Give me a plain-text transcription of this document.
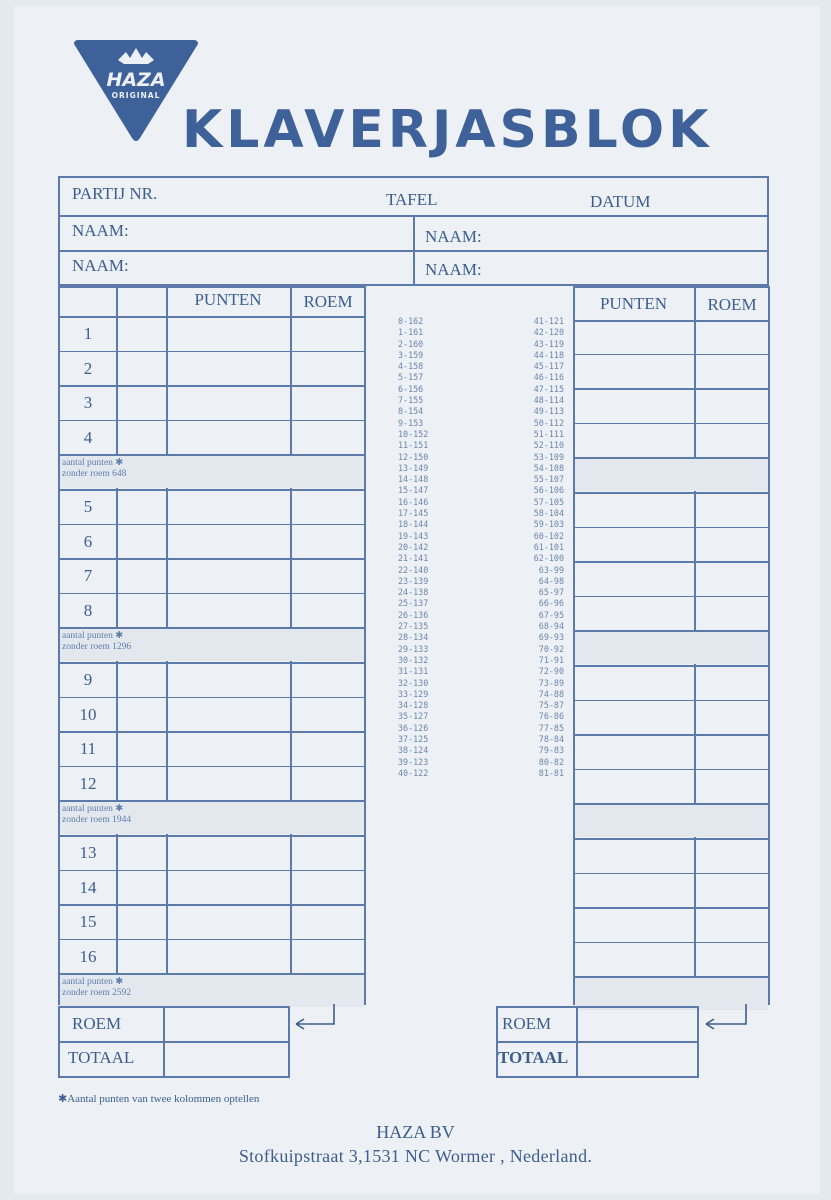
HAZA
ORIGINAL
KLAVERJASBLOK
PARTIJ NR.	TAFEL	DATUM
NAAM:	NAAM:
NAAM:	NAAM:
1
2
3
4
aantal punten ✱
zonder roem 648
5
6
7
8
aantal punten ✱
zonder roem 1296
9
10
11
12
aantal punten ✱
zonder roem 1944
13
14
15
16
aantal punten ✱
zonder roem 2592
PUNTEN	ROEM	PUNTEN	ROEM
0-162	41-121
1-161	42-120
2-160	43-119
3-159	44-118
4-158	45-117
5-157	46-116
6-156	47-115
7-155	48-114
8-154	49-113
9-153	50-112
10-152	51-111
11-151	52-110
12-150	53-109
13-149	54-108
14-148	55-107
15-147	56-106
16-146	57-105
17-145	58-104
18-144	59-103
19-143	60-102
20-142	61-101
21-141	62-100
22-140	63-99
23-139	64-98
24-138	65-97
25-137	66-96
26-136	67-95
27-135	68-94
28-134	69-93
29-133	70-92
30-132	71-91
31-131	72-90
32-130	73-89
33-129	74-88
34-128	75-87
35-127	76-86
36-126	77-85
37-125	78-84
38-124	79-83
39-123	80-82
40-122	81-81
ROEM
TOTAAL
ROEM
TOTAAL
✱Aantal punten van twee kolommen optellen
HAZA BV
Stofkuipstraat 3,1531 NC Wormer , Nederland.
